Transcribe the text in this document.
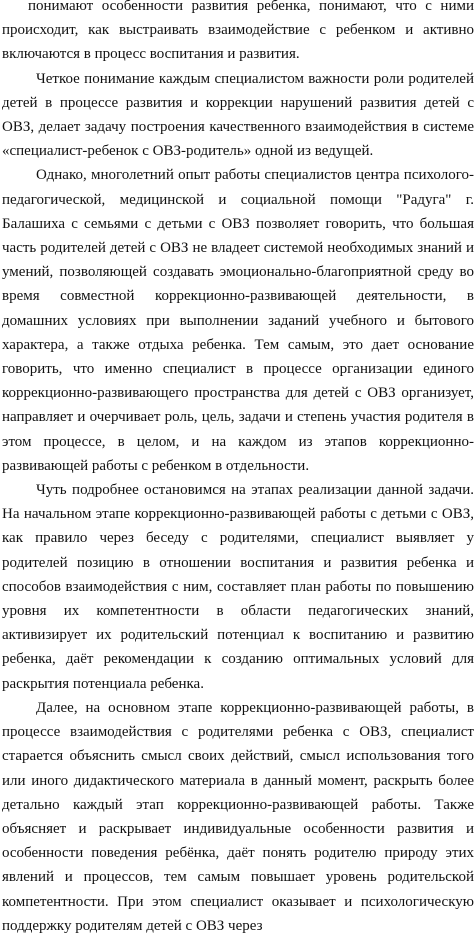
понимают особенности развития ребенка, понимают, что с ними происходит, как выстраивать взаимодействие с ребенком и активно включаются в процесс воспитания и развития.

Четкое понимание каждым специалистом важности роли родителей детей в процессе развития и коррекции нарушений развития детей с ОВЗ, делает задачу построения качественного взаимодействия в системе «специалист-ребенок с ОВЗ-родитель» одной из ведущей.

Однако, многолетний опыт работы специалистов центра психолого-педагогической, медицинской и социальной помощи "Радуга" г. Балашиха с семьями с детьми с ОВЗ позволяет говорить, что большая часть родителей детей с ОВЗ не владеет системой необходимых знаний и умений, позволяющей создавать эмоционально-благоприятной среду во время совместной коррекционно-развивающей деятельности, в домашних условиях при выполнении заданий учебного и бытового характера, а также отдыха ребенка. Тем самым, это дает основание говорить, что именно специалист в процессе организации единого коррекционно-развивающего пространства для детей с ОВЗ организует, направляет и очерчивает роль, цель, задачи и степень участия родителя в этом процессе, в целом, и на каждом из этапов коррекционно-развивающей работы с ребенком в отдельности.

Чуть подробнее остановимся на этапах реализации данной задачи. На начальном этапе коррекционно-развивающей работы с детьми с ОВЗ, как правило через беседу с родителями, специалист выявляет у родителей позицию в отношении воспитания и развития ребенка и способов взаимодействия с ним, составляет план работы по повышению уровня их компетентности в области педагогических знаний, активизирует их родительский потенциал к воспитанию и развитию ребенка, даёт рекомендации к созданию оптимальных условий для раскрытия потенциала ребенка.

Далее, на основном этапе коррекционно-развивающей работы, в процессе взаимодействия с родителями ребенка с ОВЗ, специалист старается объяснить смысл своих действий, смысл использования того или иного дидактического материала в данный момент, раскрыть более детально каждый этап коррекционно-развивающей работы. Также объясняет и раскрывает индивидуальные особенности развития и особенности поведения ребёнка, даёт понять родителю природу этих явлений и процессов, тем самым повышает уровень родительской компетентности. При этом специалист оказывает и психологическую поддержку родителям детей с ОВЗ через
